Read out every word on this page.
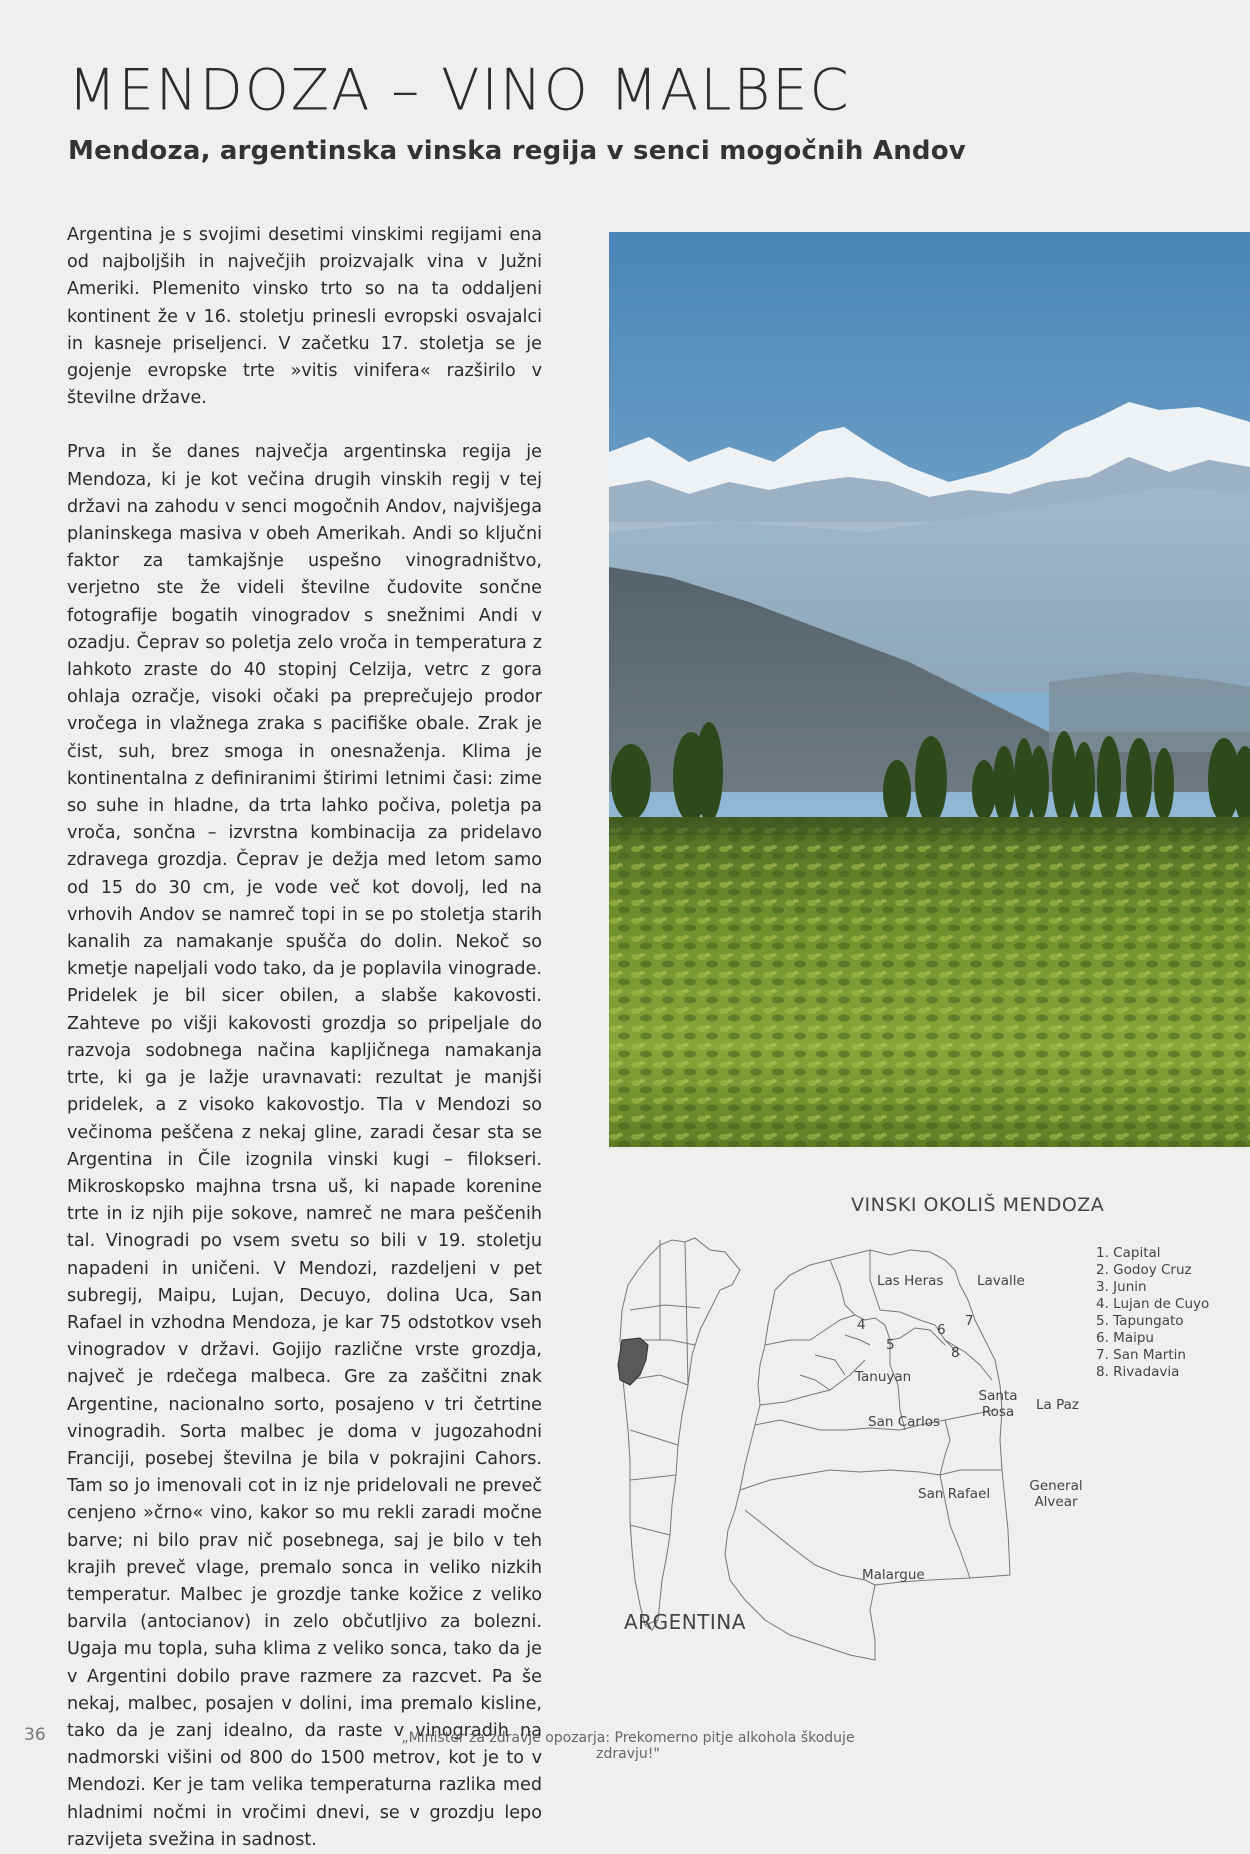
MENDOZA – VINO MALBEC
Mendoza, argentinska vinska regija v senci mogočnih Andov

Argentina je s svojimi desetimi vinskimi regijami ena od najboljših in največjih proizvajalk vina v Južni Ameriki. Plemenito vinsko trto so na ta oddaljeni kontinent že v 16. stoletju prinesli evropski osvajalci in kasneje priseljenci. V začetku 17. stoletja se je gojenje evropske trte »vitis vinifera« razširilo v številne države.

Prva in še danes največja argentinska regija je Mendoza, ki je kot večina drugih vinskih regij v tej državi na zahodu v senci mogočnih Andov, najvišjega planinskega masiva v obeh Amerikah. Andi so ključni faktor za tamkajšnje uspešno vinogradništvo, verjetno ste že videli številne čudovite sončne fotografije bogatih vinogradov s snežnimi Andi v ozadju. Čeprav so poletja zelo vroča in temperatura z lahkoto zraste do 40 stopinj Celzija, vetrc z gora ohlaja ozračje, visoki očaki pa preprečujejo prodor vročega in vlažnega zraka s pacifiške obale. Zrak je čist, suh, brez smoga in onesnaženja. Klima je kontinentalna z definiranimi štirimi letnimi časi: zime so suhe in hladne, da trta lahko počiva, poletja pa vroča, sončna – izvrstna kombinacija za pridelavo zdravega grozdja. Čeprav je dežja med letom samo od 15 do 30 cm, je vode več kot dovolj, led na vrhovih Andov se namreč topi in se po stoletja starih kanalih za namakanje spušča do dolin. Nekoč so kmetje napeljali vodo tako, da je poplavila vinograde. Pridelek je bil sicer obilen, a slabše kakovosti. Zahteve po višji kakovosti grozdja so pripeljale do razvoja sodobnega načina kapljičnega namakanja trte, ki ga je lažje uravnavati: rezultat je manjši pridelek, a z visoko kakovostjo. Tla v Mendozi so večinoma peščena z nekaj gline, zaradi česar sta se Argentina in Čile izognila vinski kugi – filokseri. Mikroskopsko majhna trsna uš, ki napade korenine trte in iz njih pije sokove, namreč ne mara peščenih tal. Vinogradi po vsem svetu so bili v 19. stoletju napadeni in uničeni. V Mendozi, razdeljeni v pet subregij, Maipu, Lujan, Decuyo, dolina Uca, San Rafael in vzhodna Mendoza, je kar 75 odstotkov vseh vinogradov v državi. Gojijo različne vrste grozdja, največ je rdečega malbeca. Gre za zaščitni znak Argentine, nacionalno sorto, posajeno v tri četrtine vinogradih. Sorta malbec je doma v jugozahodni Franciji, posebej številna je bila v pokrajini Cahors. Tam so jo imenovali cot in iz nje pridelovali ne preveč cenjeno »črno« vino, kakor so mu rekli zaradi močne barve; ni bilo prav nič posebnega, saj je bilo v teh krajih preveč vlage, premalo sonca in veliko nizkih temperatur. Malbec je grozdje tanke kožice z veliko barvila (antocianov) in zelo občutljivo za bolezni. Ugaja mu topla, suha klima z veliko sonca, tako da je v Argentini dobilo prave razmere za razcvet. Pa še nekaj, malbec, posajen v dolini, ima premalo kisline, tako da je zanj idealno, da raste v vinogradih na nadmorski višini od 800 do 1500 metrov, kot je to v Mendozi. Ker je tam velika temperaturna razlika med hladnimi nočmi in vročimi dnevi, se v grozdju lepo razvijeta svežina in sadnost.

VINSKI OKOLIŠ MENDOZA
1. Capital
2. Godoy Cruz
3. Junin
4. Lujan de Cuyo
5. Tapungato
6. Maipu
7. San Martin
8. Rivadavia
Las Heras Lavalle
4
5
6
7
8
Tanuyan
Santa Rosa La Paz
San Carlos
San Rafael	General Alvear
Malargue
ARGENTINA
36	„Minister za zdravje opozarja: Prekomerno pitje alkohola škoduje zdravju!"
